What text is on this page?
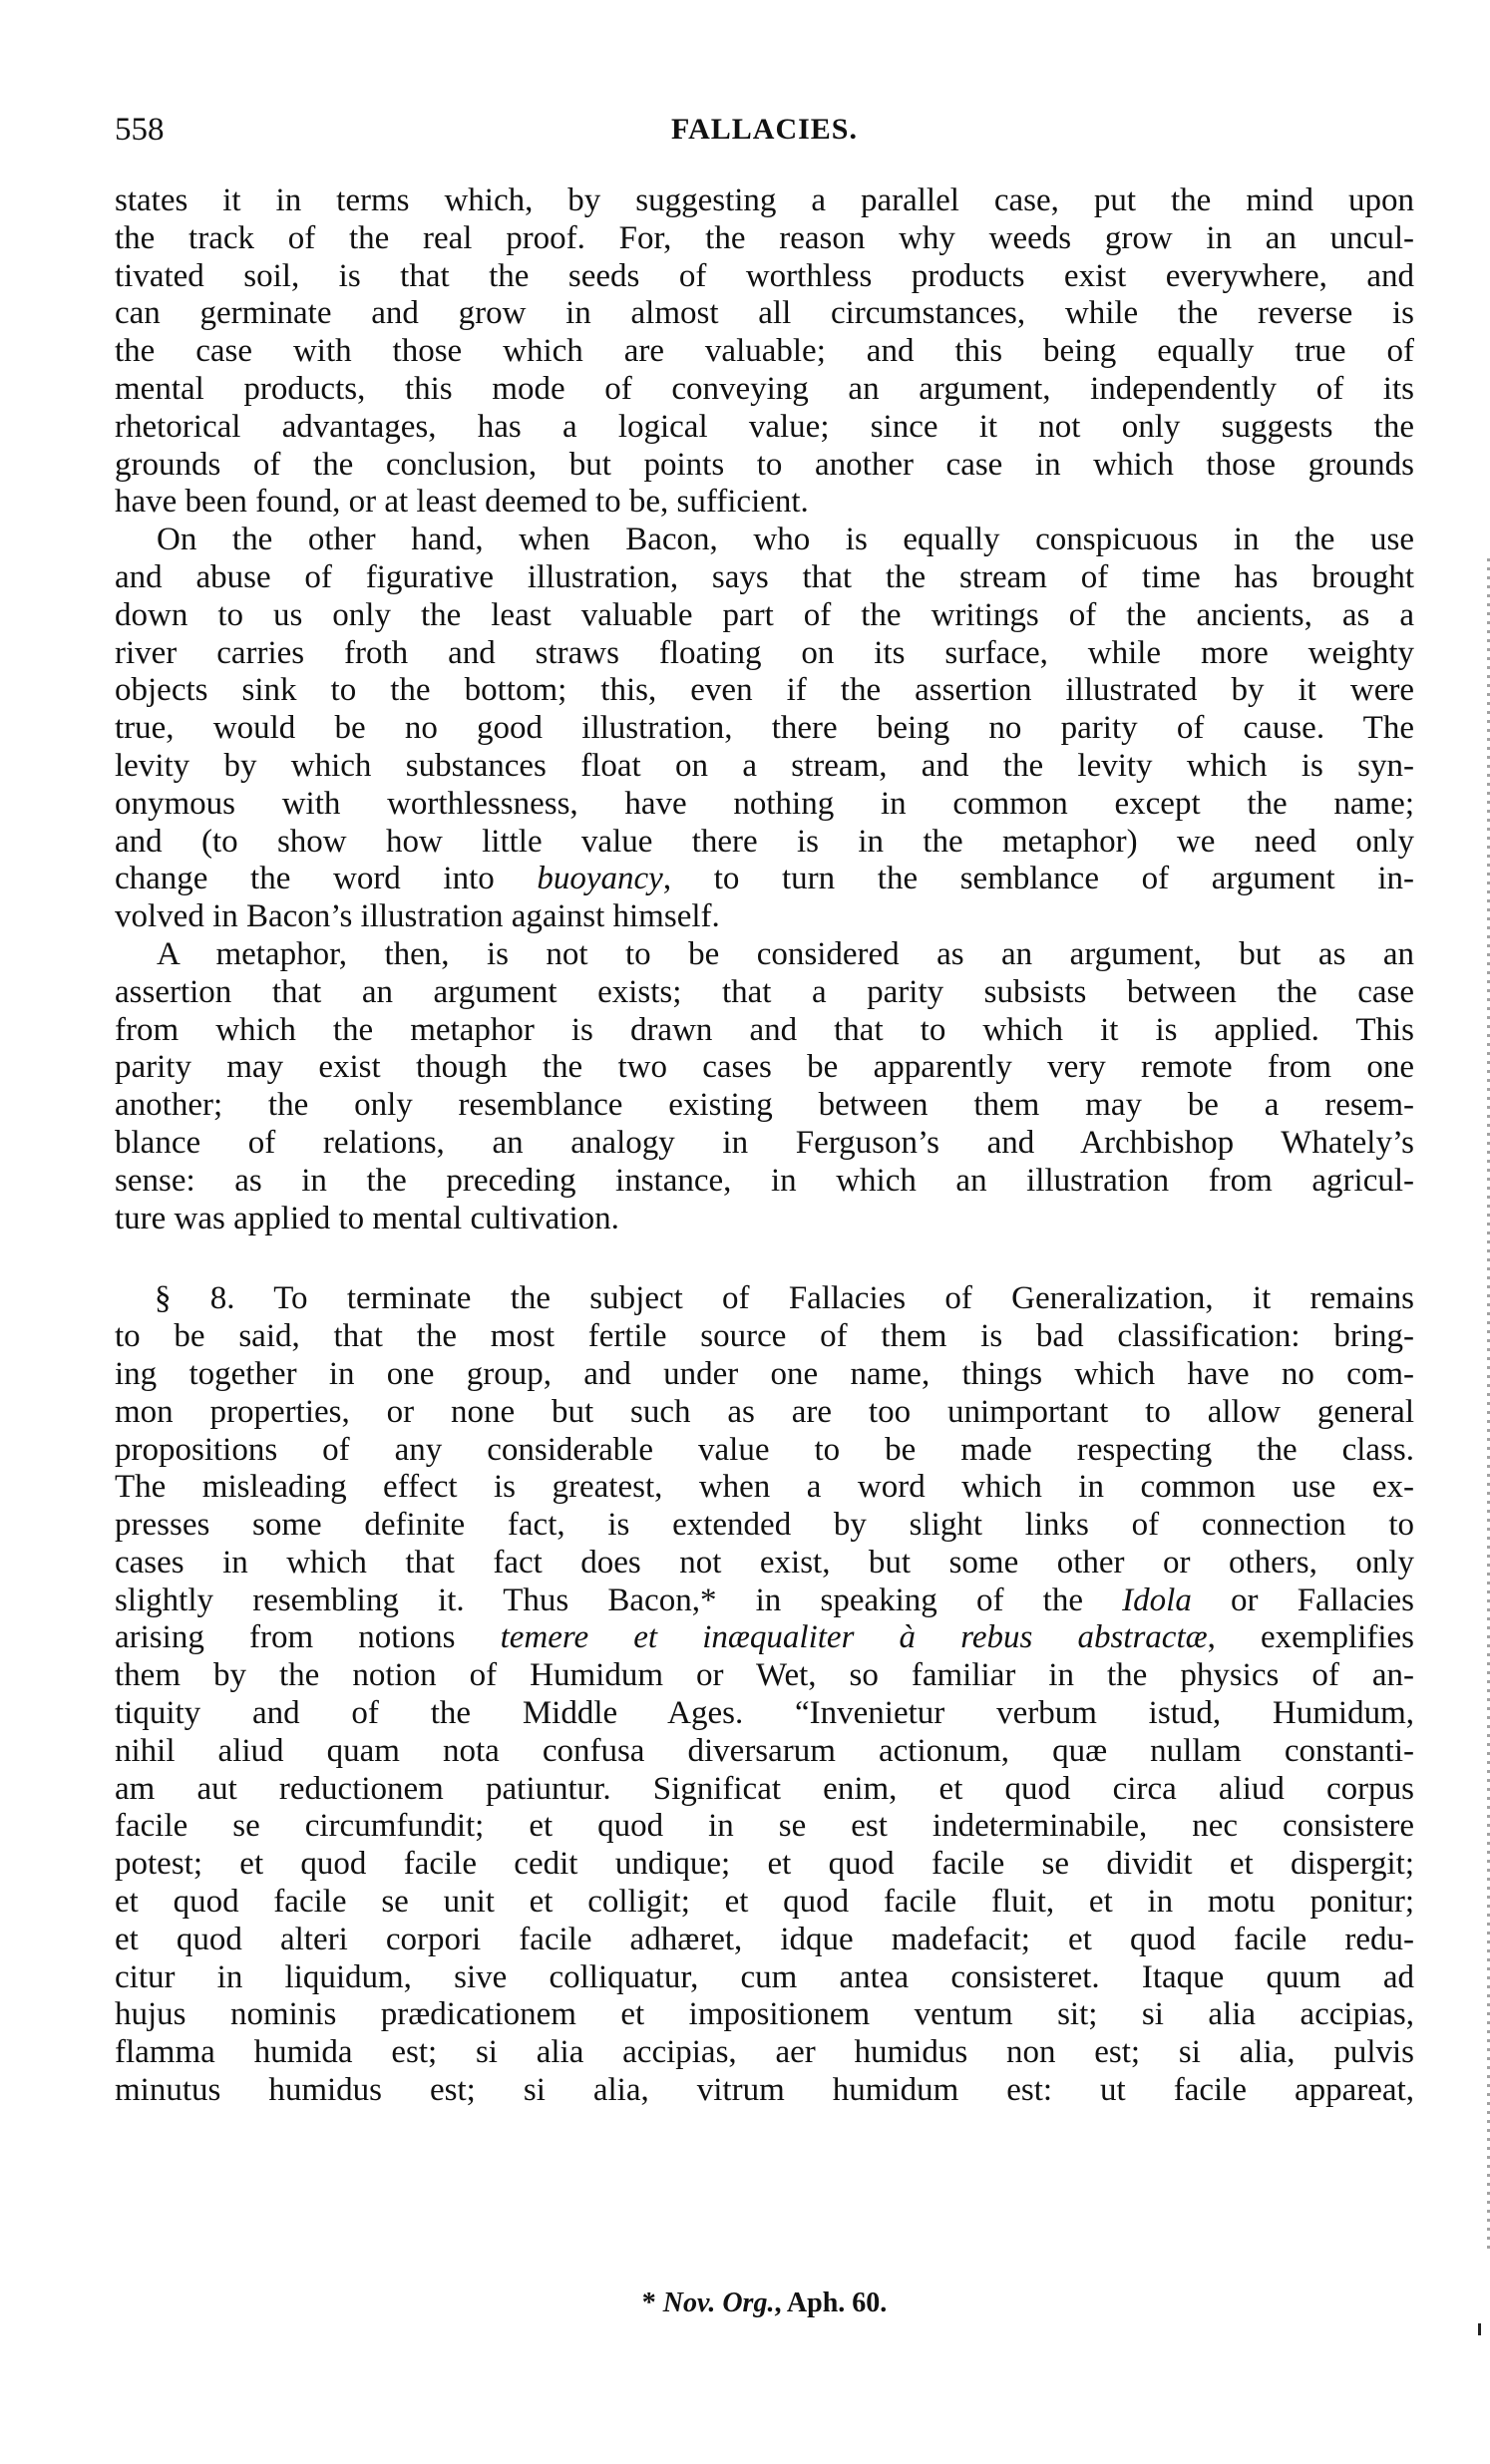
558	FALLACIES.
states it in terms which, by suggesting a parallel case, put the mind upon
the track of the real proof. For, the reason why weeds grow in an uncul-
tivated soil, is that the seeds of worthless products exist everywhere, and
can germinate and grow in almost all circumstances, while the reverse is
the case with those which are valuable; and this being equally true of
mental products, this mode of conveying an argument, independently of its
rhetorical advantages, has a logical value; since it not only suggests the
grounds of the conclusion, but points to another case in which those grounds
have been found, or at least deemed to be, sufficient.
On the other hand, when Bacon, who is equally conspicuous in the use
and abuse of figurative illustration, says that the stream of time has brought
down to us only the least valuable part of the writings of the ancients, as a
river carries froth and straws floating on its surface, while more weighty
objects sink to the bottom; this, even if the assertion illustrated by it were
true, would be no good illustration, there being no parity of cause. The
levity by which substances float on a stream, and the levity which is syn-
onymous with worthlessness, have nothing in common except the name;
and (to show how little value there is in the metaphor) we need only
change the word into buoyancy, to turn the semblance of argument in-
volved in Bacon’s illustration against himself.
A metaphor, then, is not to be considered as an argument, but as an
assertion that an argument exists; that a parity subsists between the case
from which the metaphor is drawn and that to which it is applied. This
parity may exist though the two cases be apparently very remote from one
another; the only resemblance existing between them may be a resem-
blance of relations, an analogy in Ferguson’s and Archbishop Whately’s
sense: as in the preceding instance, in which an illustration from agricul-
ture was applied to mental cultivation.
§ 8. To terminate the subject of Fallacies of Generalization, it remains
to be said, that the most fertile source of them is bad classification: bring-
ing together in one group, and under one name, things which have no com-
mon properties, or none but such as are too unimportant to allow general
propositions of any considerable value to be made respecting the class.
The misleading effect is greatest, when a word which in common use ex-
presses some definite fact, is extended by slight links of connection to
cases in which that fact does not exist, but some other or others, only
slightly resembling it. Thus Bacon,* in speaking of the Idola or Fallacies
arising from notions temere et inæqualiter à rebus abstractæ, exemplifies
them by the notion of Humidum or Wet, so familiar in the physics of an-
tiquity and of the Middle Ages. “Invenietur verbum istud, Humidum,
nihil aliud quam nota confusa diversarum actionum, quæ nullam constanti-
am aut reductionem patiuntur. Significat enim, et quod circa aliud corpus
facile se circumfundit; et quod in se est indeterminabile, nec consistere
potest; et quod facile cedit undique; et quod facile se dividit et dispergit;
et quod facile se unit et colligit; et quod facile fluit, et in motu ponitur;
et quod alteri corpori facile adhæret, idque madefacit; et quod facile redu-
citur in liquidum, sive colliquatur, cum antea consisteret. Itaque quum ad
hujus nominis prædicationem et impositionem ventum sit; si alia accipias,
flamma humida est; si alia accipias, aer humidus non est; si alia, pulvis
minutus humidus est; si alia, vitrum humidum est: ut facile appareat,
* Nov. Org., Aph. 60.
